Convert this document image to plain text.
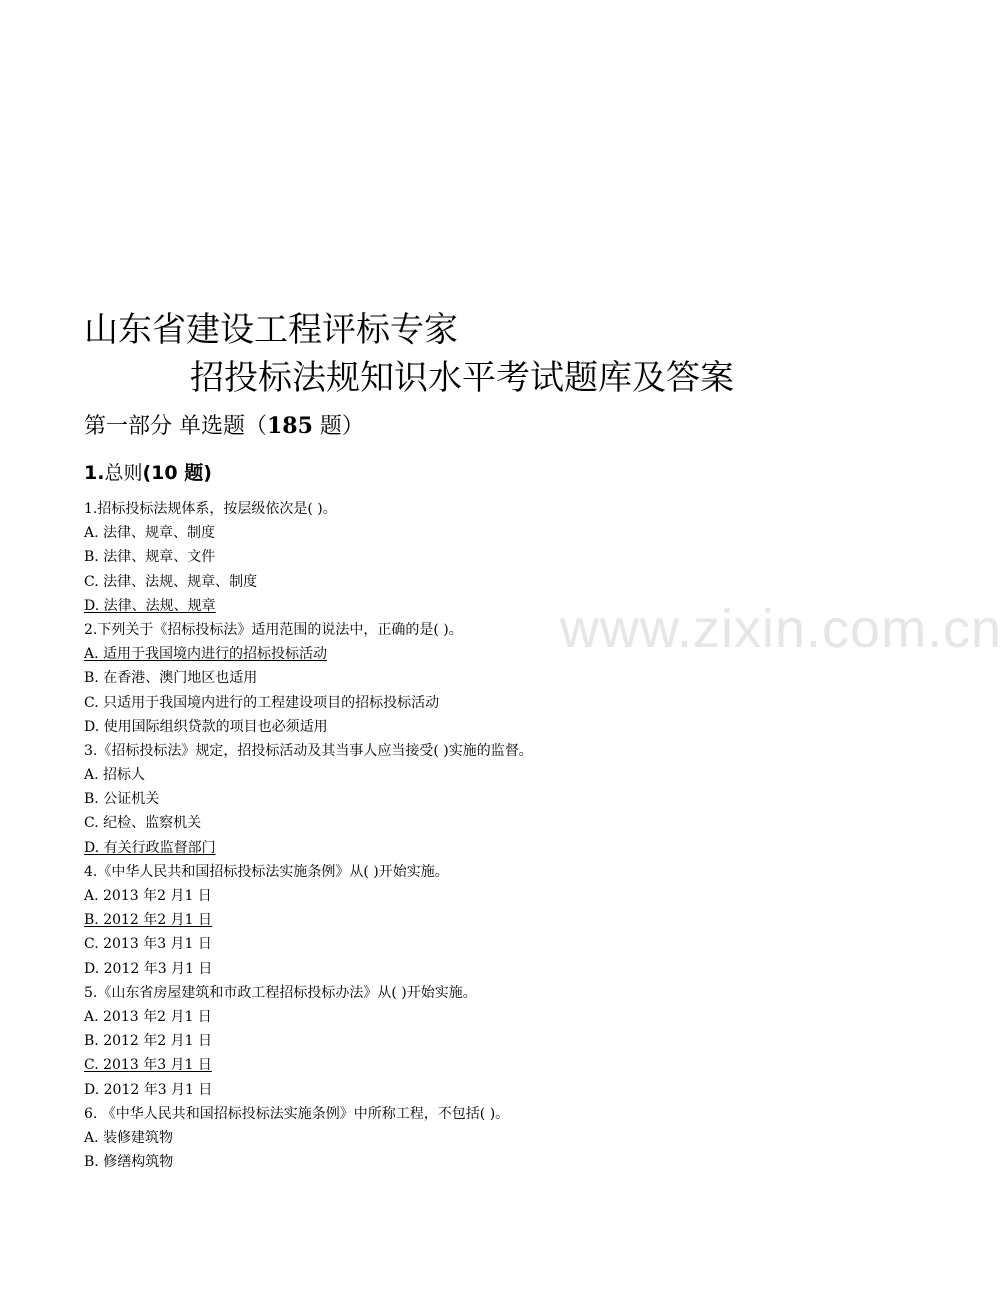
www.zixin.com.cn
山东省建设工程评标专家
招投标法规知识水平考试题库及答案
第一部分 单选题（185 题）
1.总则(10 题)
1.招标投标法规体系，按层级依次是( )。
A. 法律、规章、制度
B. 法律、规章、文件
C. 法律、法规、规章、制度
D. 法律、法规、规章
2.下列关于《招标投标法》适用范围的说法中，正确的是( )。
A. 适用于我国境内进行的招标投标活动
B. 在香港、澳门地区也适用
C. 只适用于我国境内进行的工程建设项目的招标投标活动
D. 使用国际组织贷款的项目也必须适用
3.《招标投标法》规定，招投标活动及其当事人应当接受( )实施的监督。
A. 招标人
B. 公证机关
C. 纪检、监察机关
D. 有关行政监督部门
4.《中华人民共和国招标投标法实施条例》从( )开始实施。
A. 2013 年2 月1 日
B. 2012 年2 月1 日
C. 2013 年3 月1 日
D. 2012 年3 月1 日
5.《山东省房屋建筑和市政工程招标投标办法》从( )开始实施。
A. 2013 年2 月1 日
B. 2012 年2 月1 日
C. 2013 年3 月1 日
D. 2012 年3 月1 日
6. 《中华人民共和国招标投标法实施条例》中所称工程，不包括( )。
A. 装修建筑物
B. 修缮构筑物
